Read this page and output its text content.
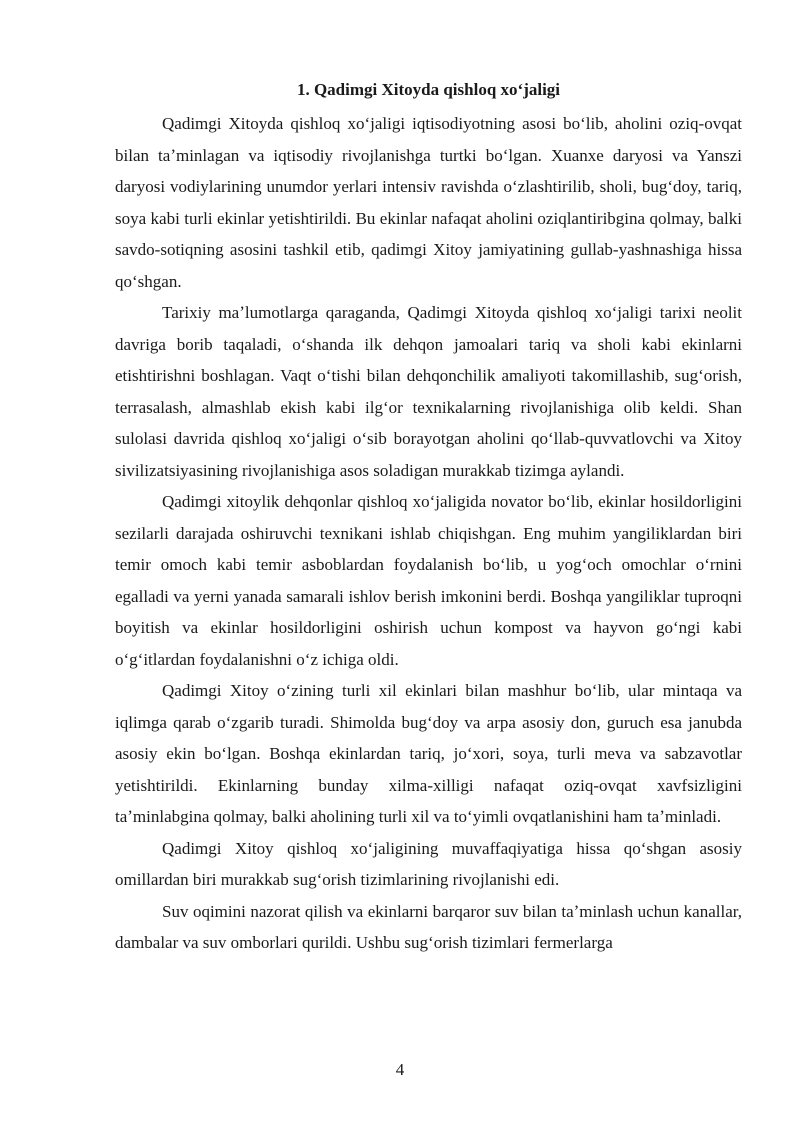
1. Qadimgi Xitoyda qishloq xoʻjaligi

Qadimgi Xitoyda qishloq xoʻjaligi iqtisodiyotning asosi boʻlib, aholini oziq-ovqat bilan taʼminlagan va iqtisodiy rivojlanishga turtki boʻlgan. Xuanxe daryosi va Yanszi daryosi vodiylarining unumdor yerlari intensiv ravishda oʻzlashtirilib, sholi, bugʻdoy, tariq, soya kabi turli ekinlar yetishtirildi. Bu ekinlar nafaqat aholini oziqlantiribgina qolmay, balki savdo-sotiqning asosini tashkil etib, qadimgi Xitoy jamiyatining gullab-yashnashiga hissa qoʻshgan.

Tarixiy maʼlumotlarga qaraganda, Qadimgi Xitoyda qishloq xoʻjaligi tarixi neolit davriga borib taqaladi, oʻshanda ilk dehqon jamoalari tariq va sholi kabi ekinlarni etishtirishni boshlagan. Vaqt oʻtishi bilan dehqonchilik amaliyoti takomillashib, sugʻorish, terrasalash, almashlab ekish kabi ilgʻor texnikalarning rivojlanishiga olib keldi. Shan sulolasi davrida qishloq xoʻjaligi oʻsib borayotgan aholini qoʻllab-quvvatlovchi va Xitoy sivilizatsiyasining rivojlanishiga asos soladigan murakkab tizimga aylandi.

Qadimgi xitoylik dehqonlar qishloq xoʻjaligida novator boʻlib, ekinlar hosildorligini sezilarli darajada oshiruvchi texnikani ishlab chiqishgan. Eng muhim yangiliklardan biri temir omoch kabi temir asboblardan foydalanish boʻlib, u yogʻoch omochlar oʻrnini egalladi va yerni yanada samarali ishlov berish imkonini berdi. Boshqa yangiliklar tuproqni boyitish va ekinlar hosildorligini oshirish uchun kompost va hayvon goʻngi kabi oʻgʻitlardan foydalanishni oʻz ichiga oldi.

Qadimgi Xitoy oʻzining turli xil ekinlari bilan mashhur boʻlib, ular mintaqa va iqlimga qarab oʻzgarib turadi. Shimolda bugʻdoy va arpa asosiy don, guruch esa janubda asosiy ekin boʻlgan. Boshqa ekinlardan tariq, joʻxori, soya, turli meva va sabzavotlar yetishtirildi. Ekinlarning bunday xilma-xilligi nafaqat oziq-ovqat xavfsizligini taʼminlabgina qolmay, balki aholining turli xil va toʻyimli ovqatlanishini ham taʼminladi.

Qadimgi Xitoy qishloq xoʻjaligining muvaffaqiyatiga hissa qoʻshgan asosiy omillardan biri murakkab sugʻorish tizimlarining rivojlanishi edi.

Suv oqimini nazorat qilish va ekinlarni barqaror suv bilan taʼminlash uchun kanallar, dambalar va suv omborlari qurildi. Ushbu sugʻorish tizimlari fermerlarga

4
